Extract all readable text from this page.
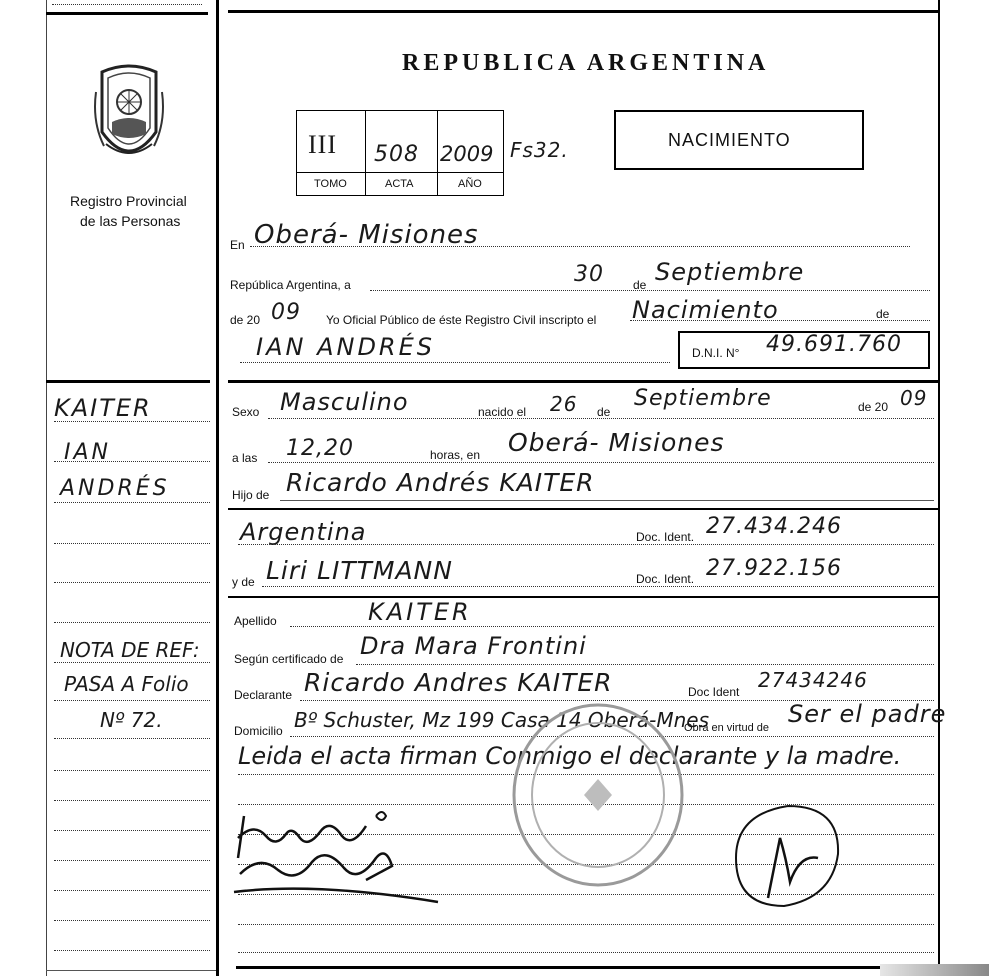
Registro Provincial
de las Personas
REPUBLICA ARGENTINA
III 508 2009
TOMO	ACTA	AÑO
Fs32.	NACIMIENTO
En Oberá- Misiones
República Argentina, a	30 de Septiembre
de 20 09 Yo Oficial Público de éste Registro Civil inscripto el Nacimiento	de
IAN ANDRÉS	D.N.I. N° 49.691.760
KAITER
IAN
ANDRÉS
NOTA DE REF:
PASA A Folio
Nº 72.
Sexo Masculino	nacido el 26 de
Septiembre	de 20 09
a las 12,20	horas, en Oberá- Misiones
Hijo de Ricardo Andrés KAITER
Argentina	Doc. Ident. 27.434.246
y de Liri LITTMANN	Doc. Ident. 27.922.156
Apellido	KAITER
Según certificado de Dra Mara Frontini
Declarante Ricardo Andres KAITER	Doc Ident 27434246
Domicilio Bº Schuster, Mz 199 Casa 14 Oberá-Mnes
Obra en virtud de Ser el padre
Leida el acta firman Conmigo el declarante y la madre.
